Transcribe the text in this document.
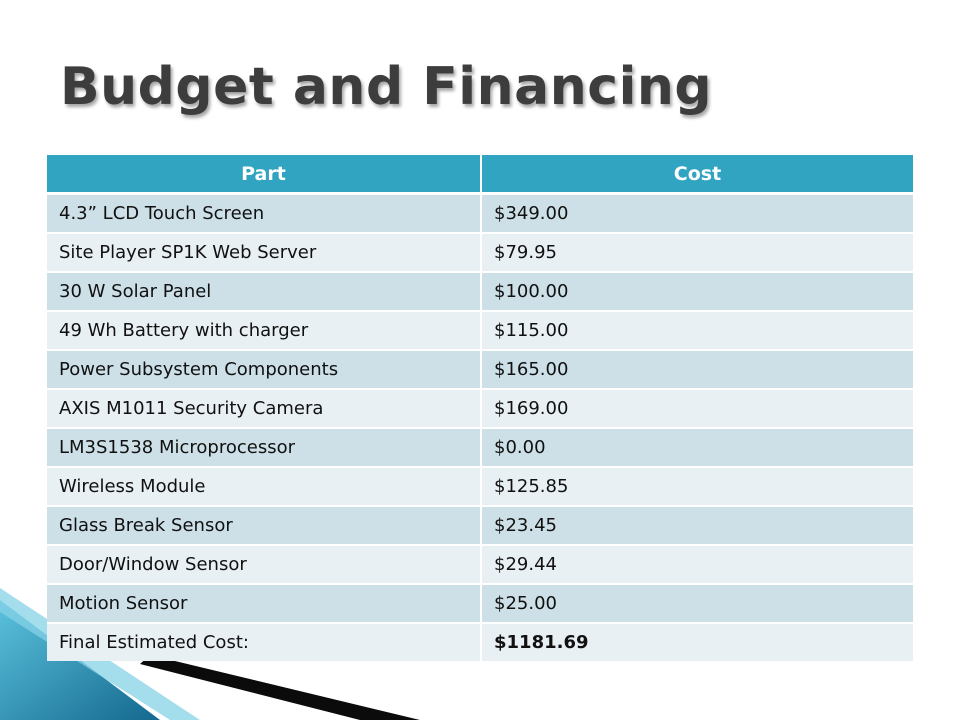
Budget and Financing
Part	Cost
4.3” LCD Touch Screen	$349.00
Site Player SP1K Web Server	$79.95
30 W Solar Panel	$100.00
49 Wh Battery with charger	$115.00
Power Subsystem Components	$165.00
AXIS M1011 Security Camera	$169.00
LM3S1538 Microprocessor	$0.00
Wireless Module	$125.85
Glass Break Sensor	$23.45
Door/Window Sensor	$29.44
Motion Sensor	$25.00
Final Estimated Cost:	$1181.69
